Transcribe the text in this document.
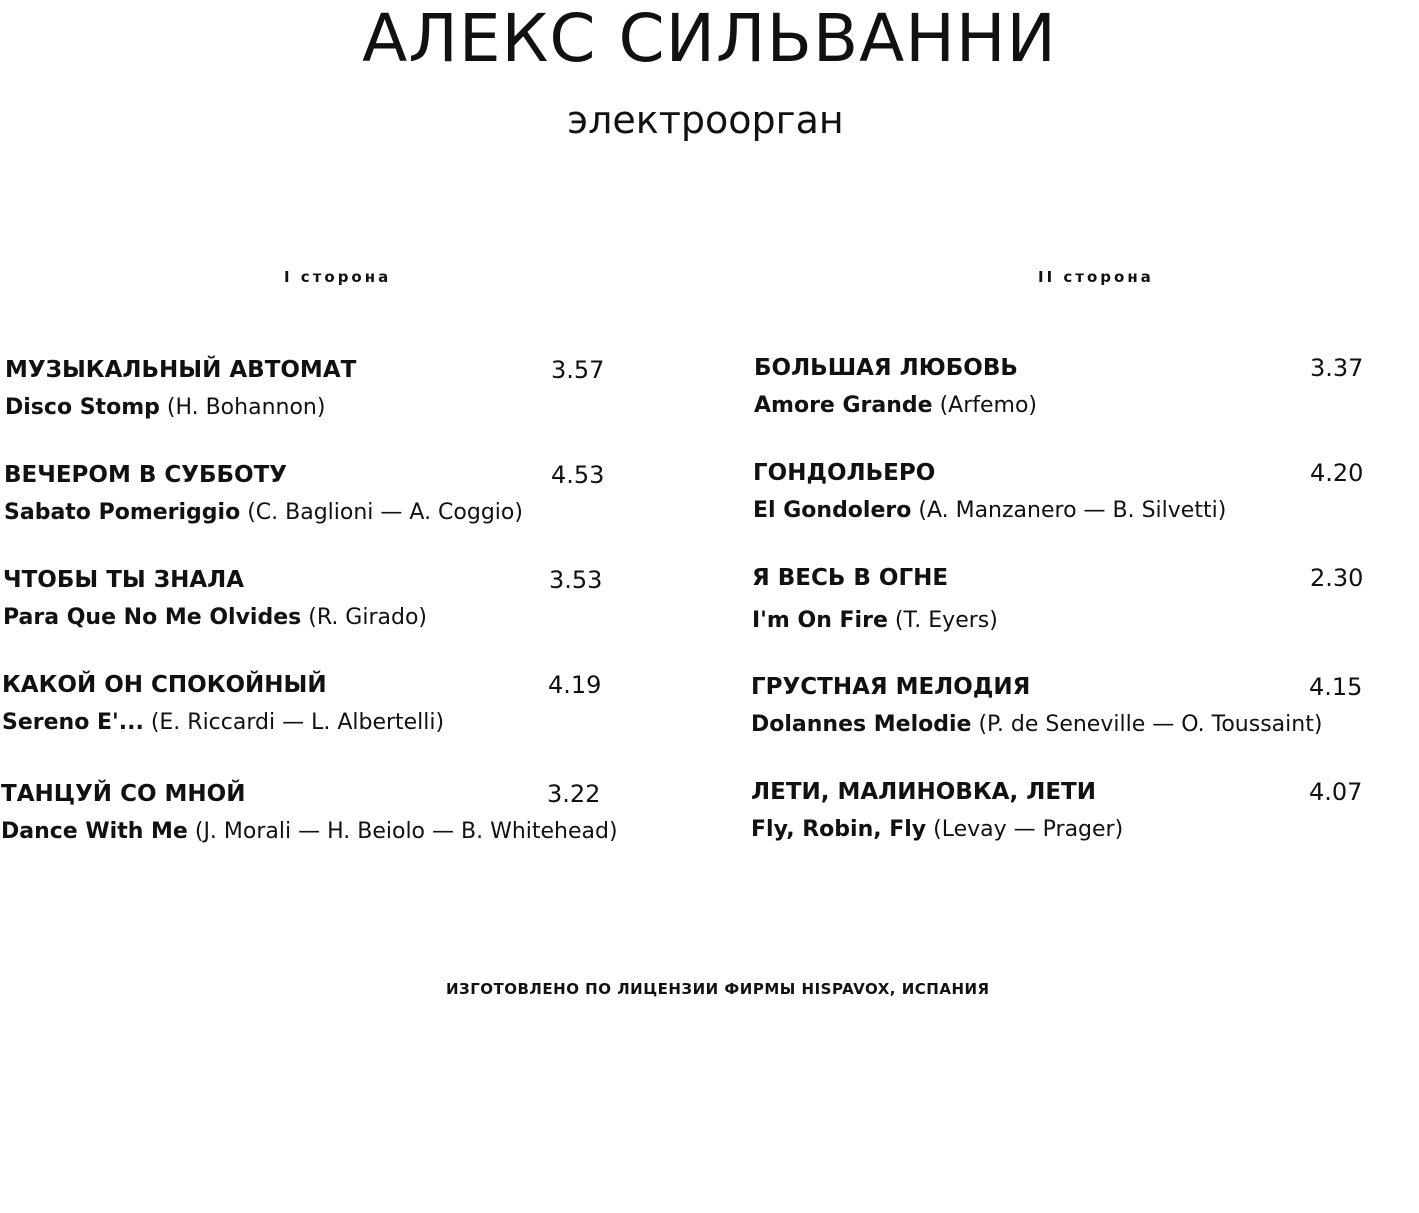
АЛЕКС СИЛЬВАННИ
электроорган
I сторона	II сторона
МУЗЫКАЛЬНЫЙ АВТОМАТ	3.57
Disco Stomp (H. Bohannon)
ВЕЧЕРОМ В СУББОТУ	4.53
Sabato Pomeriggio (C. Baglioni — A. Coggio)
ЧТОБЫ ТЫ ЗНАЛА	3.53
Para Que No Me Olvides (R. Girado)
КАКОЙ ОН СПОКОЙНЫЙ	4.19
Sereno E'... (E. Riccardi — L. Albertelli)
ТАНЦУЙ СО МНОЙ	3.22
Dance With Me (J. Morali — H. Beiolo — B. Whitehead)
БОЛЬШАЯ ЛЮБОВЬ	3.37
Amore Grande (Arfemo)
ГОНДОЛЬЕРО	4.20
El Gondolero (A. Manzanero — B. Silvetti)
Я ВЕСЬ В ОГНЕ	2.30
I'm On Fire (T. Eyers)
ГРУСТНАЯ МЕЛОДИЯ	4.15
Dolannes Melodie (P. de Seneville — O. Toussaint)
ЛЕТИ, МАЛИНОВКА, ЛЕТИ	4.07
Fly, Robin, Fly (Levay — Prager)
ИЗГОТОВЛЕНО ПО ЛИЦЕНЗИИ ФИРМЫ HISPAVOX, ИСПАНИЯ
